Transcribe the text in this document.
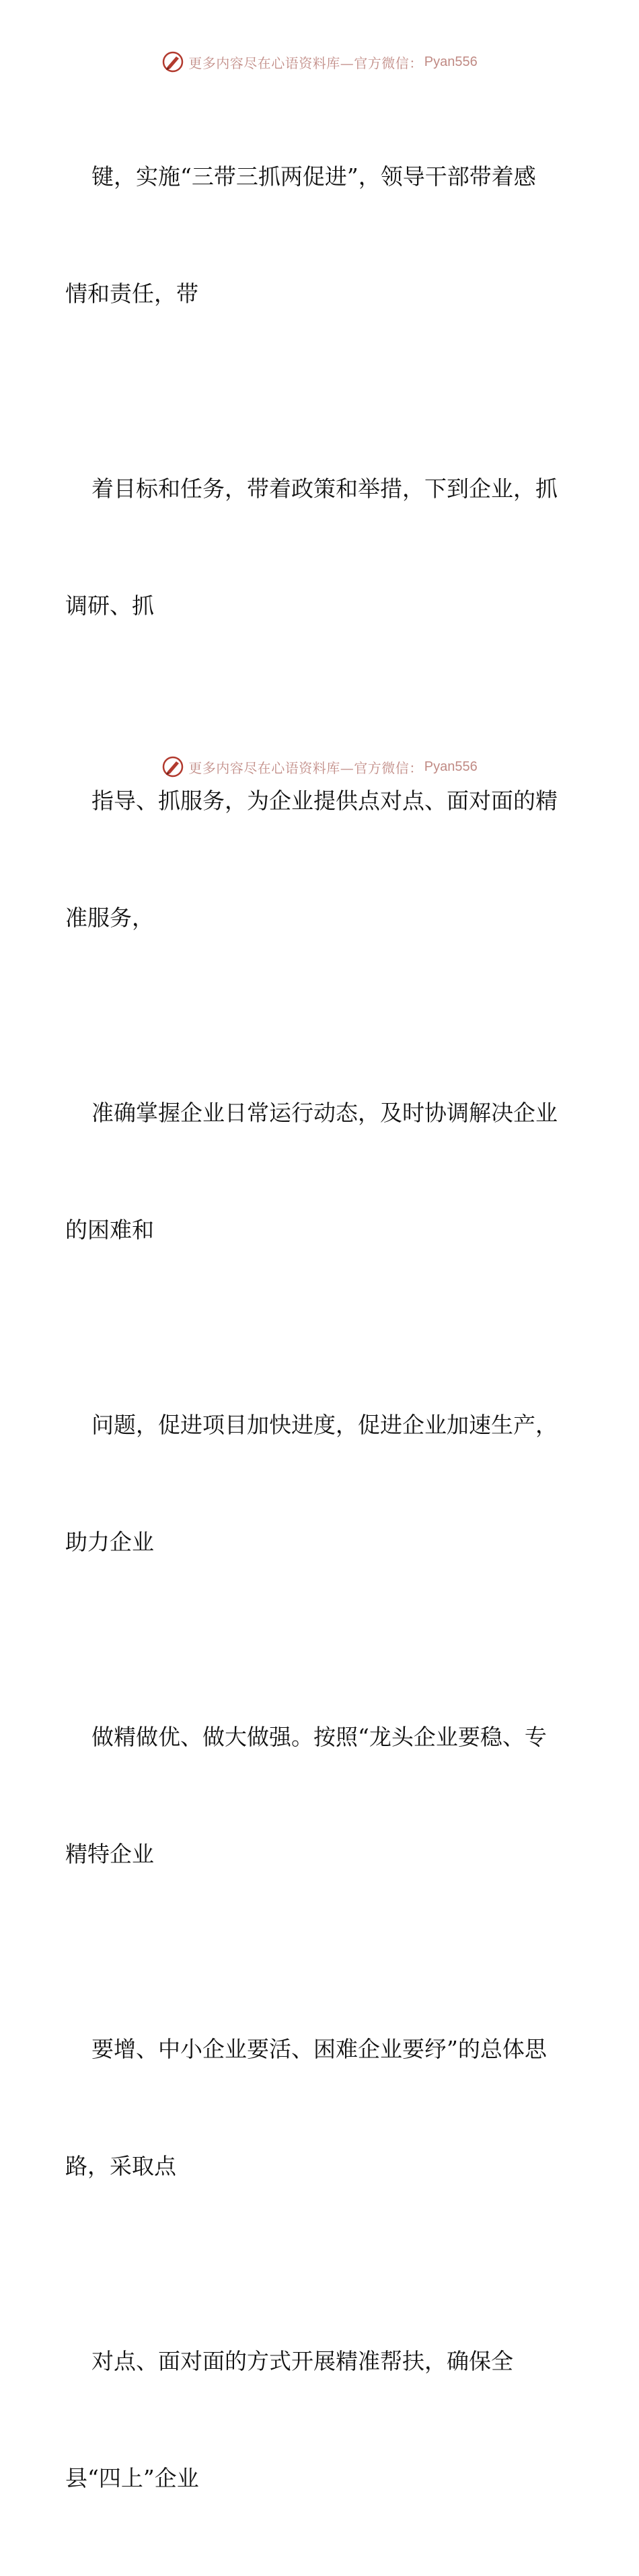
更多内容尽在心语资料库—官方微信： Pyan556

键，实施“三带三抓两促进”，领导干部带着感

情和责任，带

着目标和任务，带着政策和举措，下到企业，抓

调研、抓

指导、抓服务，为企业提供点对点、面对面的精

准服务，

准确掌握企业日常运行动态，及时协调解决企业

的困难和

问题，促进项目加快进度，促进企业加速生产，

助力企业

做精做优、做大做强。按照“龙头企业要稳、专

精特企业

要增、中小企业要活、困难企业要纾”的总体思

路，采取点

对点、面对面的方式开展精准帮扶，确保全

县“四上”企业

更多内容尽在心语资料库—官方微信： Pyan556
